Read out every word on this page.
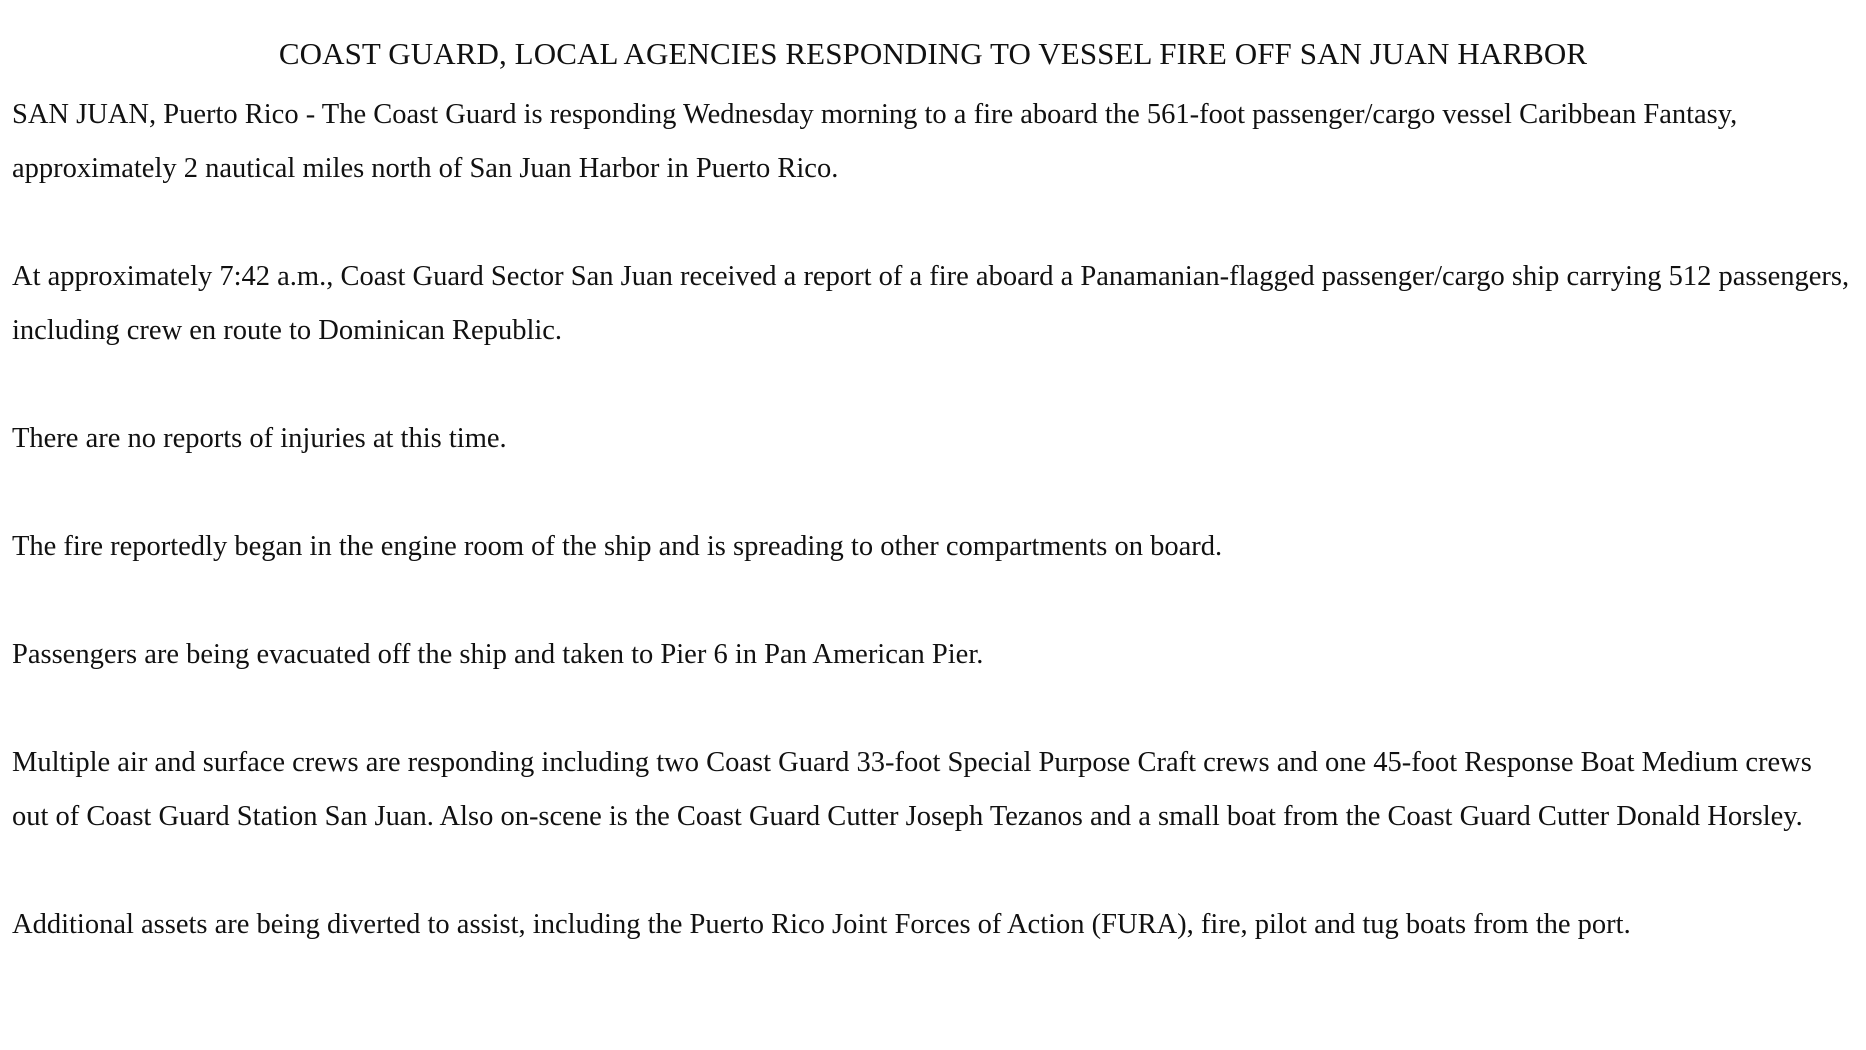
COAST GUARD, LOCAL AGENCIES RESPONDING TO VESSEL FIRE OFF SAN JUAN HARBOR

SAN JUAN, Puerto Rico - The Coast Guard is responding Wednesday morning to a fire aboard the 561-foot passenger/cargo vessel Caribbean Fantasy, approximately 2 nautical miles north of San Juan Harbor in Puerto Rico.

At approximately 7:42 a.m., Coast Guard Sector San Juan received a report of a fire aboard a Panamanian-flagged passenger/cargo ship carrying 512 passengers, including crew en route to Dominican Republic.

There are no reports of injuries at this time.

The fire reportedly began in the engine room of the ship and is spreading to other compartments on board.

Passengers are being evacuated off the ship and taken to Pier 6 in Pan American Pier.

Multiple air and surface crews are responding including two Coast Guard 33-foot Special Purpose Craft crews and one 45-foot Response Boat Medium crews out of Coast Guard Station San Juan. Also on-scene is the Coast Guard Cutter Joseph Tezanos and a small boat from the Coast Guard Cutter Donald Horsley.

Additional assets are being diverted to assist, including the Puerto Rico Joint Forces of Action (FURA), fire, pilot and tug boats from the port.
